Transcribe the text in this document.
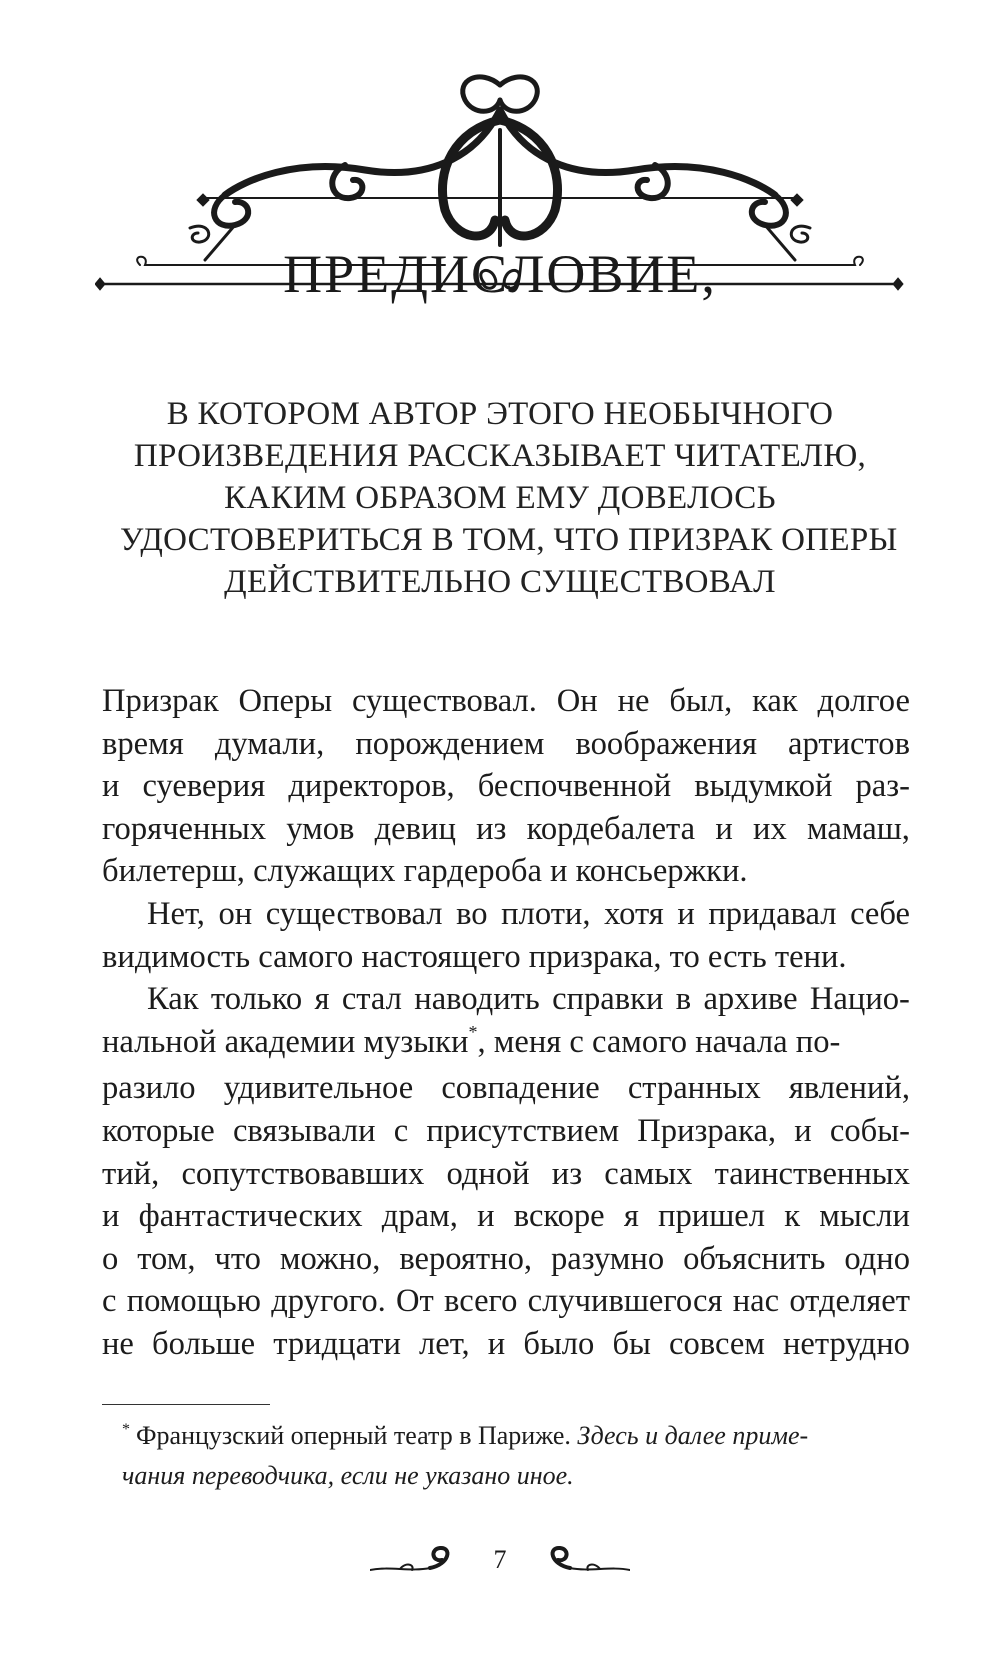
ПРЕДИСЛОВИЕ,
В КОТОРОМ АВТОР ЭТОГО НЕОБЫЧНОГО
ПРОИЗВЕДЕНИЯ РАССКАЗЫВАЕТ ЧИТАТЕЛЮ,
КАКИМ ОБРАЗОМ ЕМУ ДОВЕЛОСЬ
УДОСТОВЕРИТЬСЯ В ТОМ, ЧТО ПРИЗРАК ОПЕРЫ
ДЕЙСТВИТЕЛЬНО СУЩЕСТВОВАЛ
Призрак Оперы существовал. Он не был, как долгое
время думали, порождением воображения артистов
и суеверия директоров, беспочвенной выдумкой раз-
горяченных умов девиц из кордебалета и их мамаш,
билетерш, служащих гардероба и консьержки.
Нет, он существовал во плоти, хотя и придавал себе
видимость самого настоящего призрака, то есть тени.
Как только я стал наводить справки в архиве Нацио-
нальной академии музыки*, меня с самого начала по-
разило удивительное совпадение странных явлений,
которые связывали с присутствием Призрака, и собы-
тий, сопутствовавших одной из самых таинственных
и фантастических драм, и вскоре я пришел к мысли
о том, что можно, вероятно, разумно объяснить одно
с помощью другого. От всего случившегося нас отделяет
не больше тридцати лет, и было бы совсем нетрудно
* Французский оперный театр в Париже. Здесь и далее приме-
чания переводчика, если не указано иное.
7
